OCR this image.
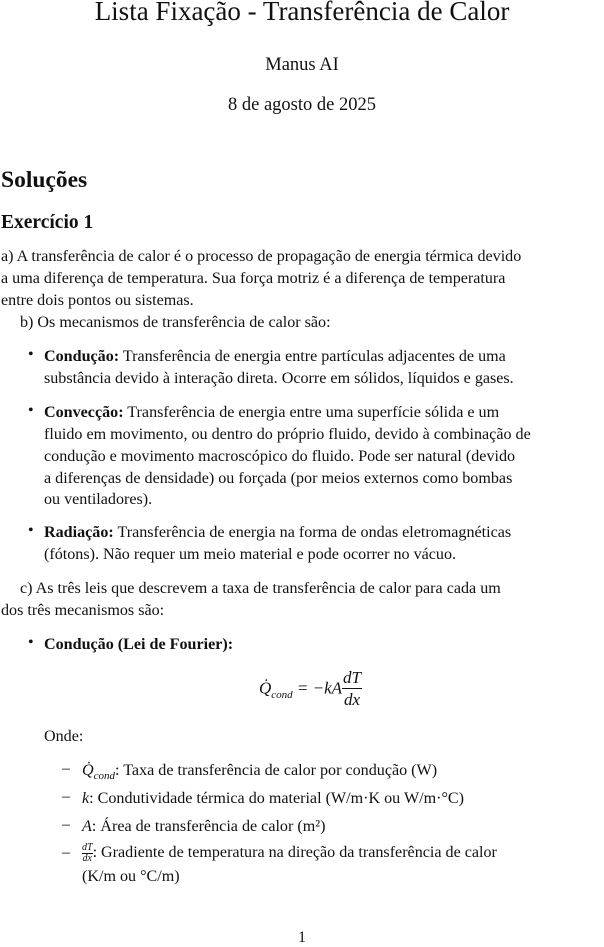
Lista Fixação - Transferência de Calor
Manus AI
8 de agosto de 2025
Soluções
Exercício 1
a) A transferência de calor é o processo de propagação de energia térmica devido
a uma diferença de temperatura. Sua força motriz é a diferença de temperatura
entre dois pontos ou sistemas.
b) Os mecanismos de transferência de calor são:
• Condução: Transferência de energia entre partículas adjacentes de uma
substância devido à interação direta. Ocorre em sólidos, líquidos e gases.
• Convecção: Transferência de energia entre uma superfície sólida e um
fluido em movimento, ou dentro do próprio fluido, devido à combinação de
condução e movimento macroscópico do fluido. Pode ser natural (devido
a diferenças de densidade) ou forçada (por meios externos como bombas
ou ventiladores).
• Radiação: Transferência de energia na forma de ondas eletromagnéticas
(fótons). Não requer um meio material e pode ocorrer no vácuo.
c) As três leis que descrevem a taxa de transferência de calor para cada um
dos três mecanismos são:
• Condução (Lei de Fourier):
$Q̇_{cond} = -kA \frac{dT}{dx}$
Onde:
– $Q̇_{cond}$: Taxa de transferência de calor por condução (W)
– k: Condutividade térmica do material (W/m·K ou W/m·°C)
– A: Área de transferência de calor (m²)
– $\frac{dT}{dx}$ : Gradiente de temperatura na direção da transferência de calor
(K/m ou °C/m)
1
